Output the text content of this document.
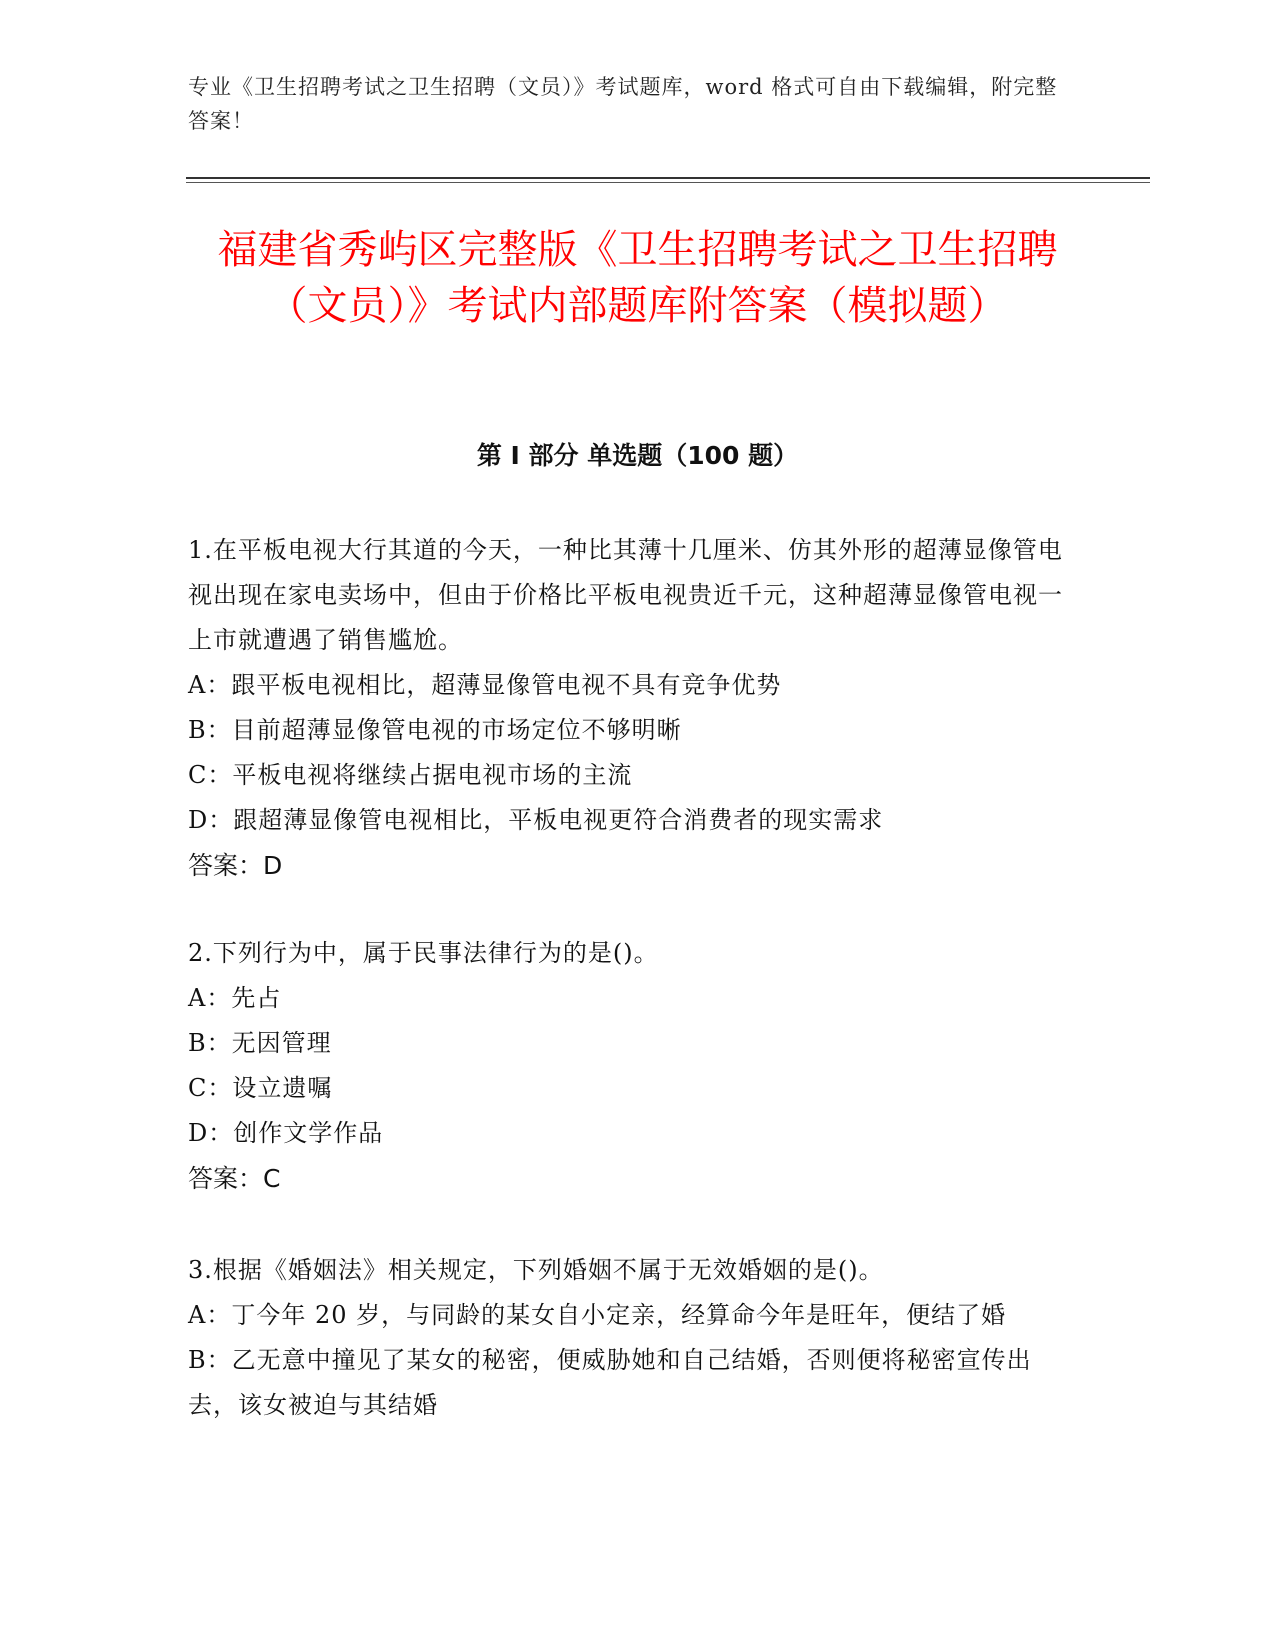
专业《卫生招聘考试之卫生招聘（文员）》考试题库，word 格式可自由下载编辑，附完整答案！
福建省秀屿区完整版《卫生招聘考试之卫生招聘（文员）》考试内部题库附答案（模拟题）
第 I 部分 单选题（100 题）

1.在平板电视大行其道的今天，一种比其薄十几厘米、仿其外形的超薄显像管电视出现在家电卖场中，但由于价格比平板电视贵近千元，这种超薄显像管电视一上市就遭遇了销售尴尬。

A：跟平板电视相比，超薄显像管电视不具有竞争优势

B：目前超薄显像管电视的市场定位不够明晰

C：平板电视将继续占据电视市场的主流

D：跟超薄显像管电视相比，平板电视更符合消费者的现实需求

答案：D

2.下列行为中，属于民事法律行为的是()。

A：先占

B：无因管理

C：设立遗嘱

D：创作文学作品

答案：C

3.根据《婚姻法》相关规定，下列婚姻不属于无效婚姻的是()。

A：丁今年 20 岁，与同龄的某女自小定亲，经算命今年是旺年，便结了婚

B：乙无意中撞见了某女的秘密，便威胁她和自己结婚，否则便将秘密宣传出去，该女被迫与其结婚
